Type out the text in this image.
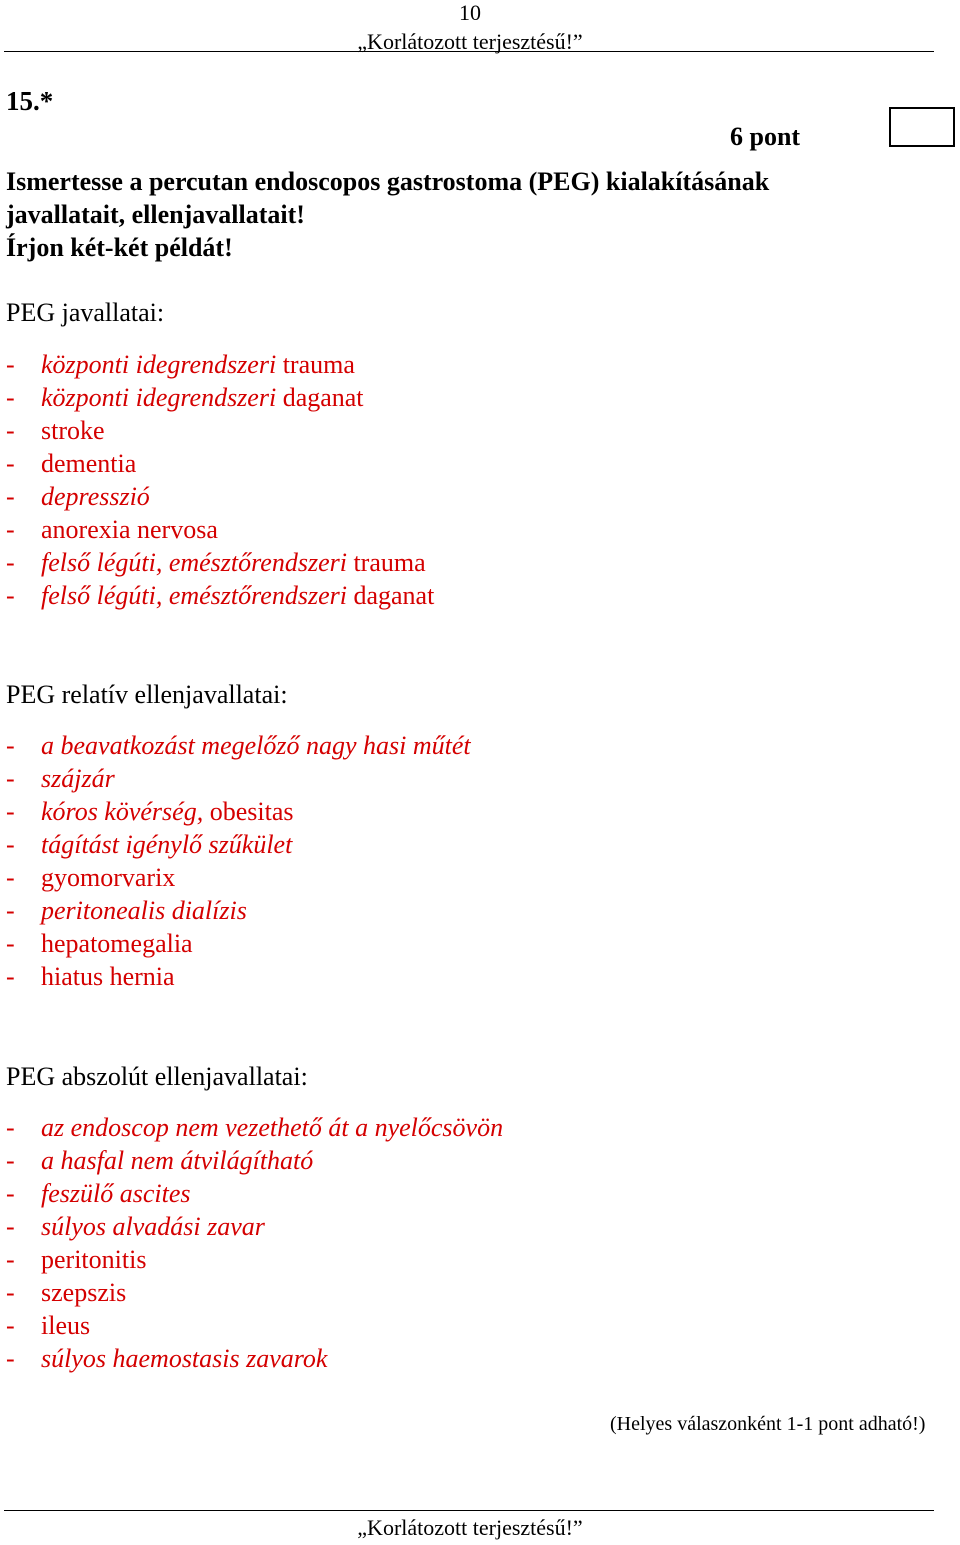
10
„Korlátozott terjesztésű!”
15.*
6 pont
Ismertesse a percutan endoscopos gastrostoma (PEG) kialakításának
javallatait, ellenjavallatait!
Írjon két-két példát!
PEG javallatai:
- központi idegrendszeri trauma
- központi idegrendszeri daganat
- stroke
- dementia
- depresszió
- anorexia nervosa
- felső légúti, emésztőrendszeri trauma
- felső légúti, emésztőrendszeri daganat
PEG relatív ellenjavallatai:
- a beavatkozást megelőző nagy hasi műtét
- szájzár
- kóros kövérség, obesitas
- tágítást igénylő szűkület
- gyomorvarix
- peritonealis dialízis
- hepatomegalia
- hiatus hernia
PEG abszolút ellenjavallatai:
- az endoscop nem vezethető át a nyelőcsövön
- a hasfal nem átvilágítható
- feszülő ascites
- súlyos alvadási zavar
- peritonitis
- szepszis
- ileus
- súlyos haemostasis zavarok
(Helyes válaszonként 1-1 pont adható!)
„Korlátozott terjesztésű!”
